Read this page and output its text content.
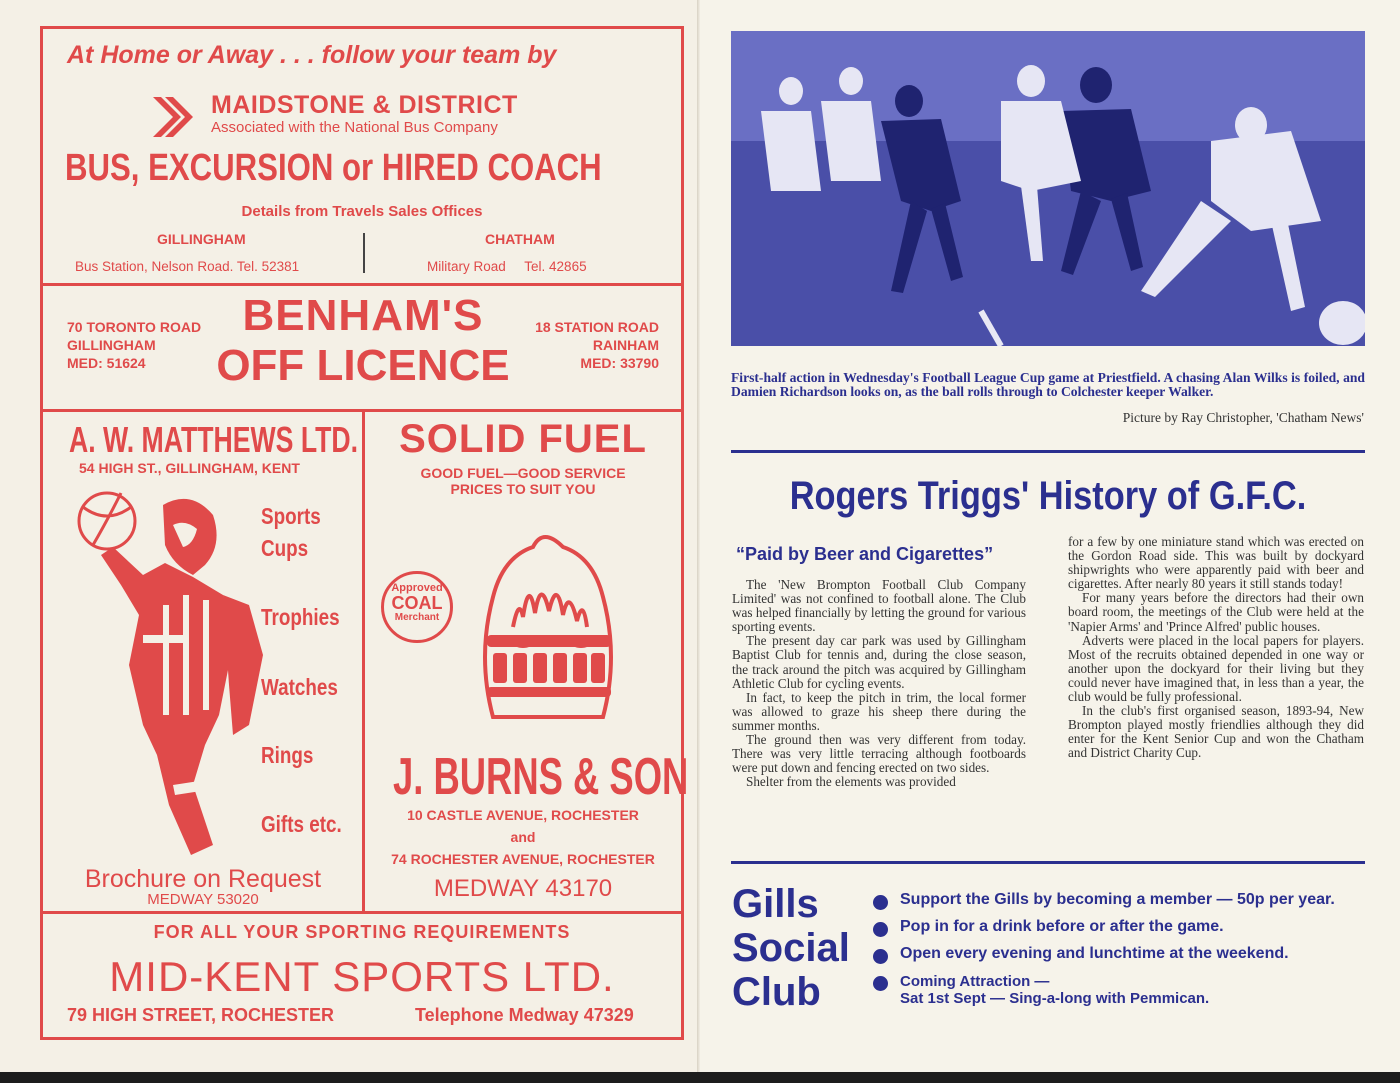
At Home or Away . . . follow your team by
MAIDSTONE & DISTRICT
Associated with the National Bus Company
BUS, EXCURSION or HIRED COACH
Details from Travels Sales Offices
GILLINGHAM
Bus Station, Nelson Road. Tel. 52381
CHATHAM
Military Road     Tel. 42865
70 TORONTO ROAD
GILLINGHAM
MED: 51624
BENHAM'S
OFF LICENCE
18 STATION ROAD
RAINHAM
MED: 33790
A. W. MATTHEWS LTD.
54 HIGH ST., GILLINGHAM, KENT
Sports
Cups
Trophies
Watches
Rings
Gifts etc.
Brochure on Request
MEDWAY 53020
SOLID FUEL
GOOD FUEL—GOOD SERVICE
PRICES TO SUIT YOU
Approved
COAL
Merchant
J. BURNS & SON
10 CASTLE AVENUE, ROCHESTER
and
74 ROCHESTER AVENUE, ROCHESTER
MEDWAY 43170
FOR ALL YOUR SPORTING REQUIREMENTS
MID-KENT SPORTS LTD.
79 HIGH STREET, ROCHESTER	Telephone Medway 47329
First-half action in Wednesday's Football League Cup game at Priestfield. A chasing Alan Wilks is foiled, and Damien Richardson looks on, as the ball rolls through to Colchester keeper Walker.
Picture by Ray Christopher, 'Chatham News'
Rogers Triggs' History of G.F.C.
“Paid by Beer and Cigarettes”

The 'New Brompton Football Club Company Limited' was not confined to football alone. The Club was helped financially by letting the ground for various sporting events.

The present day car park was used by Gillingham Baptist Club for tennis and, during the close season, the track around the pitch was acquired by Gillingham Athletic Club for cycling events.

In fact, to keep the pitch in trim, the local former was allowed to graze his sheep there during the summer months.

The ground then was very different from today. There was very little terracing although footboards were put down and fencing erected on two sides.

Shelter from the elements was provided

for a few by one miniature stand which was erected on the Gordon Road side. This was built by dockyard shipwrights who were apparently paid with beer and cigarettes. After nearly 80 years it still stands today!

For many years before the directors had their own board room, the meetings of the Club were held at the 'Napier Arms' and 'Prince Alfred' public houses.

Adverts were placed in the local papers for players. Most of the recruits obtained depended in one way or another upon the dockyard for their living but they could never have imagined that, in less than a year, the club would be fully professional.

In the club's first organised season, 1893-94, New Brompton played mostly friendlies although they did enter for the Kent Senior Cup and won the Chatham and District Charity Cup.

Gills
Social
Club
Support the Gills by becoming a member — 50p per year.
Pop in for a drink before or after the game.
Open every evening and lunchtime at the weekend.
Coming Attraction —
Sat 1st Sept — Sing-a-long with Pemmican.
